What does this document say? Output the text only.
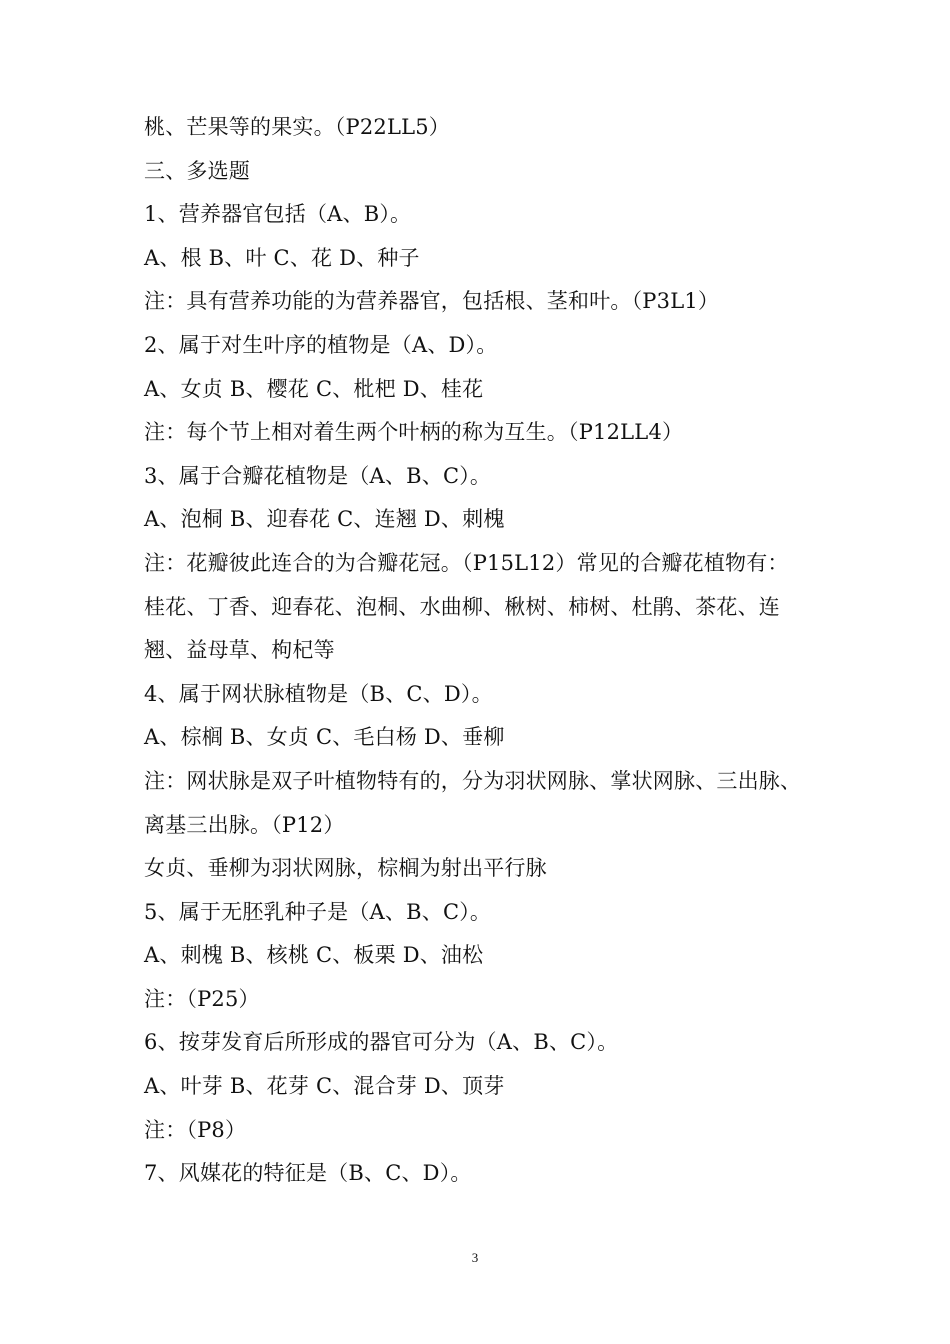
桃、芒果等的果实。（P22LL5）
三、多选题
1、营养器官包括（A、B）。
A、根 B、叶 C、花 D、种子
注：具有营养功能的为营养器官，包括根、茎和叶。（P3L1）
2、属于对生叶序的植物是（A、D）。
A、女贞 B、樱花 C、枇杷 D、桂花
注：每个节上相对着生两个叶柄的称为互生。（P12LL4）
3、属于合瓣花植物是（A、B、C）。
A、泡桐 B、迎春花 C、连翘 D、刺槐
注：花瓣彼此连合的为合瓣花冠。（P15L12）常见的合瓣花植物有：
桂花、丁香、迎春花、泡桐、水曲柳、楸树、柿树、杜鹃、茶花、连
翘、益母草、枸杞等
4、属于网状脉植物是（B、C、D）。
A、棕榈 B、女贞 C、毛白杨 D、垂柳
注：网状脉是双子叶植物特有的，分为羽状网脉、掌状网脉、三出脉、
离基三出脉。（P12）
女贞、垂柳为羽状网脉，棕榈为射出平行脉
5、属于无胚乳种子是（A、B、C）。
A、刺槐 B、核桃 C、板栗 D、油松
注：（P25）
6、按芽发育后所形成的器官可分为（A、B、C）。
A、叶芽 B、花芽 C、混合芽 D、顶芽
注：（P8）
7、风媒花的特征是（B、C、D）。
3
